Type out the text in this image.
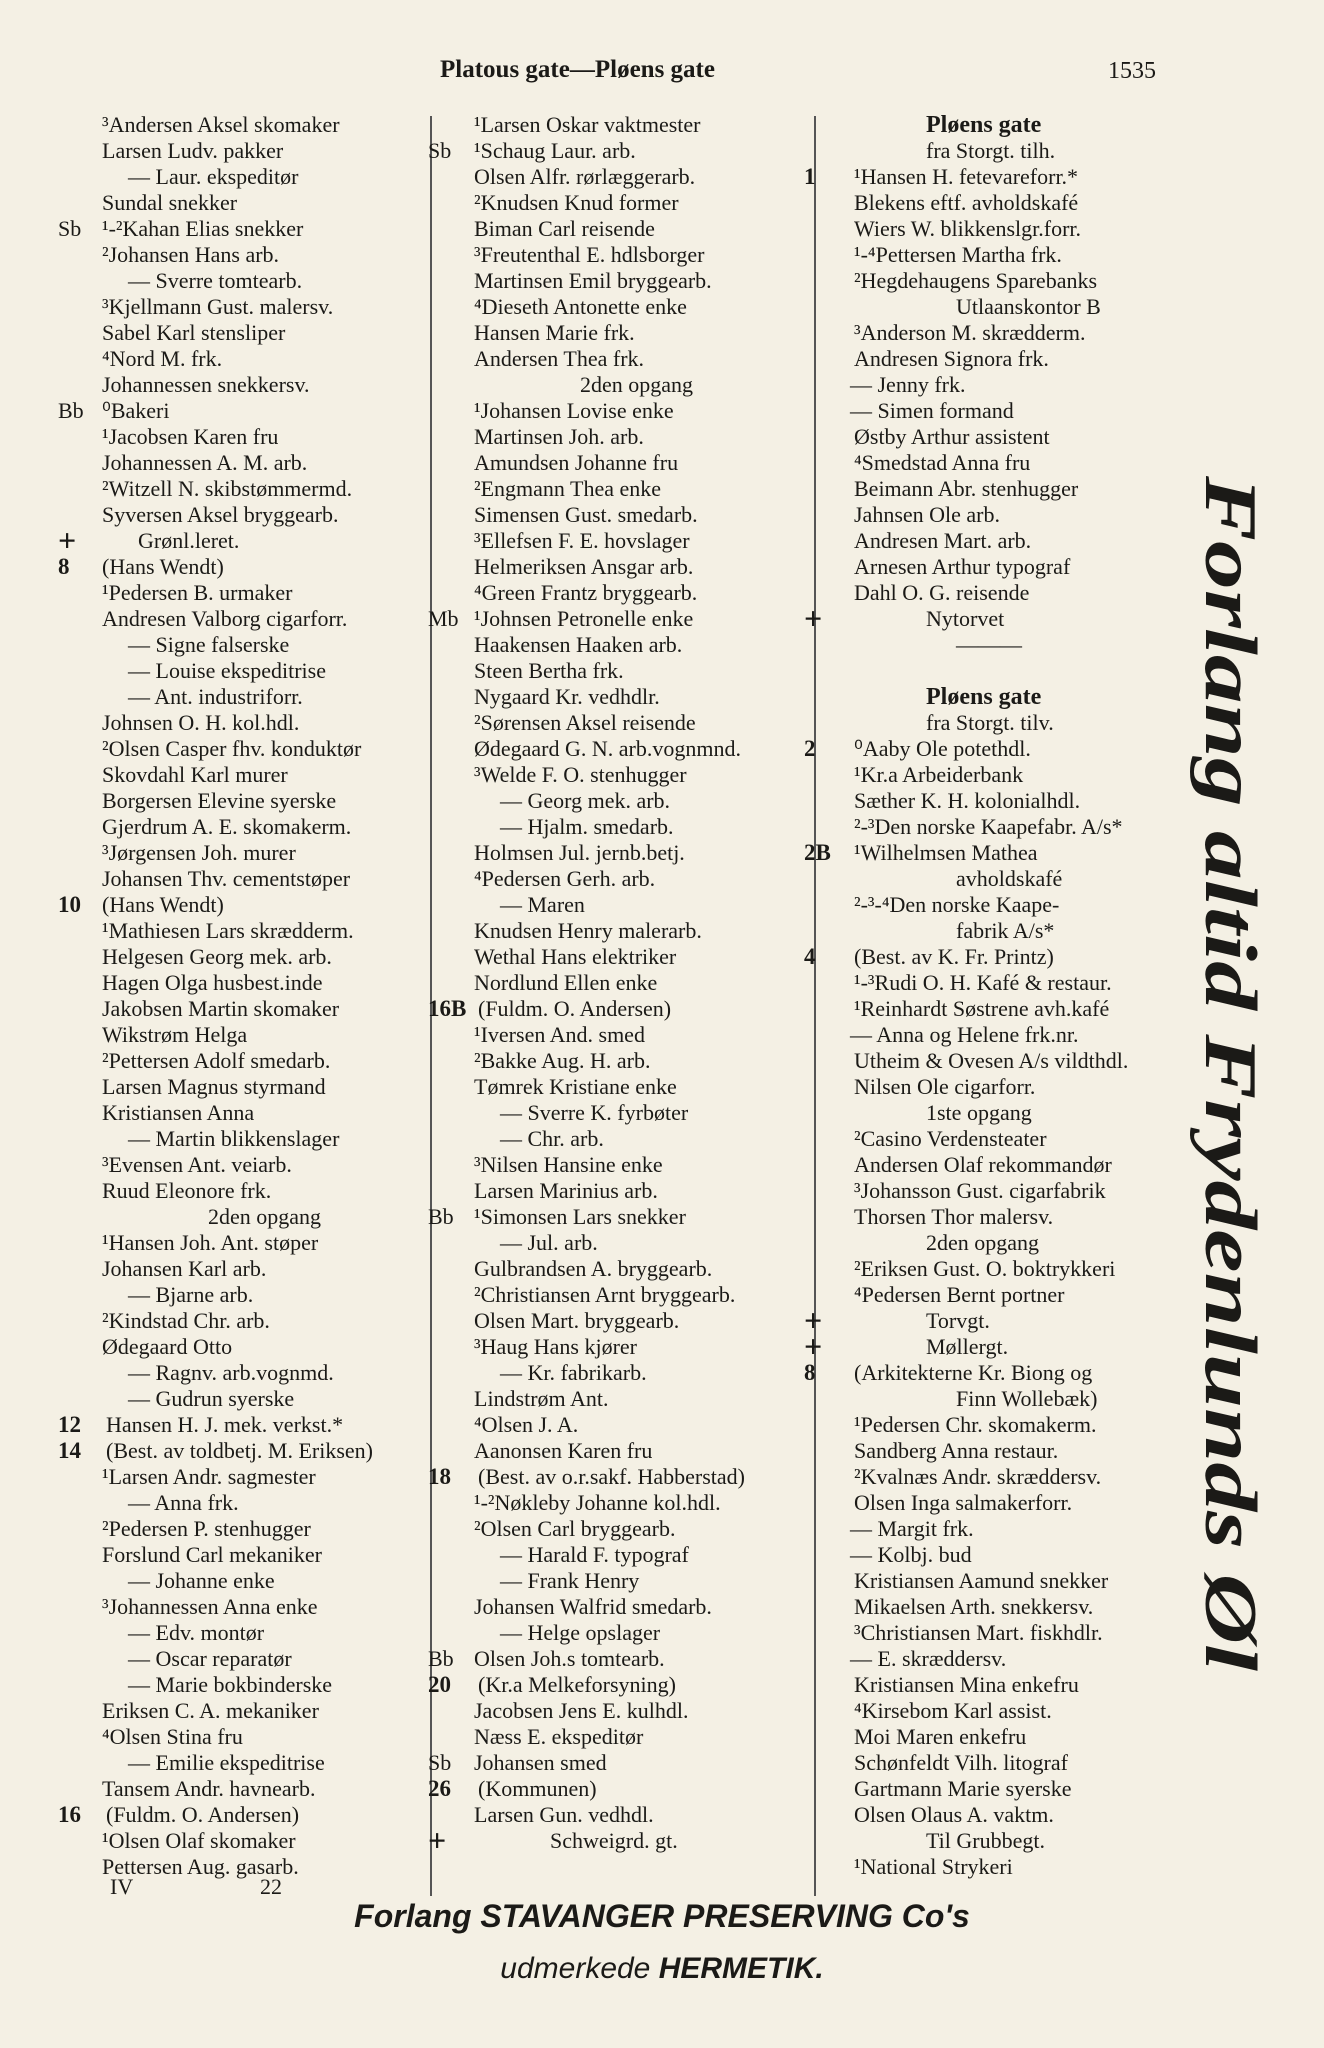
Platous gate—Pløens gate	1535
³Andersen Aksel skomaker
Larsen Ludv. pakker
— Laur. ekspeditør
Sundal snekker
Sb ¹-²Kahan Elias snekker
²Johansen Hans arb.
— Sverre tomtearb.
³Kjellmann Gust. malersv.
Sabel Karl stensliper
⁴Nord M. frk.
Johannessen snekkersv.
Bb ⁰Bakeri
¹Jacobsen Karen fru
Johannessen A. M. arb.
²Witzell N. skibstømmermd.
Syversen Aksel bryggearb.
+	Grønl.leret.
8	(Hans Wendt)
¹Pedersen B. urmaker
Andresen Valborg cigarforr.
— Signe falserske
— Louise ekspeditrise
— Ant. industriforr.
Johnsen O. H. kol.hdl.
²Olsen Casper fhv. konduktør
Skovdahl Karl murer
Borgersen Elevine syerske
Gjerdrum A. E. skomakerm.
³Jørgensen Joh. murer
Johansen Thv. cementstøper
10 (Hans Wendt)
¹Mathiesen Lars skrædderm.
Helgesen Georg mek. arb.
Hagen Olga husbest.inde
Jakobsen Martin skomaker
Wikstrøm Helga
²Pettersen Adolf smedarb.
Larsen Magnus styrmand
Kristiansen Anna
— Martin blikkenslager
³Evensen Ant. veiarb.
Ruud Eleonore frk.
2den opgang
¹Hansen Joh. Ant. støper
Johansen Karl arb.
— Bjarne arb.
²Kindstad Chr. arb.
Ødegaard Otto
— Ragnv. arb.vognmd.
— Gudrun syerske
12	Hansen H. J. mek. verkst.*
14	(Best. av toldbetj. M. Eriksen)
¹Larsen Andr. sagmester
— Anna frk.
²Pedersen P. stenhugger
Forslund Carl mekaniker
— Johanne enke
³Johannessen Anna enke
— Edv. montør
— Oscar reparatør
— Marie bokbinderske
Eriksen C. A. mekaniker
⁴Olsen Stina fru
— Emilie ekspeditrise
Tansem Andr. havnearb.
16	(Fuldm. O. Andersen)
¹Olsen Olaf skomaker
Pettersen Aug. gasarb.
¹Larsen Oskar vaktmester
Sb	¹Schaug Laur. arb.
Olsen Alfr. rørlæggerarb.
²Knudsen Knud former
Biman Carl reisende
³Freutenthal E. hdlsborger
Martinsen Emil bryggearb.
⁴Dieseth Antonette enke
Hansen Marie frk.
Andersen Thea frk.
2den opgang
¹Johansen Lovise enke
Martinsen Joh. arb.
Amundsen Johanne fru
²Engmann Thea enke
Simensen Gust. smedarb.
³Ellefsen F. E. hovslager
Helmeriksen Ansgar arb.
⁴Green Frantz bryggearb.
Mb ¹Johnsen Petronelle enke
Haakensen Haaken arb.
Steen Bertha frk.
Nygaard Kr. vedhdlr.
²Sørensen Aksel reisende
Ødegaard G. N. arb.vognmnd.
³Welde F. O. stenhugger
— Georg mek. arb.
— Hjalm. smedarb.
Holmsen Jul. jernb.betj.
⁴Pedersen Gerh. arb.
— Maren
Knudsen Henry malerarb.
Wethal Hans elektriker
Nordlund Ellen enke
16B (Fuldm. O. Andersen)
¹Iversen And. smed
²Bakke Aug. H. arb.
Tømrek Kristiane enke
— Sverre K. fyrbøter
— Chr. arb.
³Nilsen Hansine enke
Larsen Marinius arb.
Bb ¹Simonsen Lars snekker
— Jul. arb.
Gulbrandsen A. bryggearb.
²Christiansen Arnt bryggearb.
Olsen Mart. bryggearb.
³Haug Hans kjører
— Kr. fabrikarb.
Lindstrøm Ant.
⁴Olsen J. A.
Aanonsen Karen fru
18	(Best. av o.r.sakf. Habberstad)
¹-²Nøkleby Johanne kol.hdl.
²Olsen Carl bryggearb.
— Harald F. typograf
— Frank Henry
Johansen Walfrid smedarb.
— Helge opslager
Bb Olsen Joh.s tomtearb.
20	(Kr.a Melkeforsyning)
Jacobsen Jens E. kulhdl.
Næss E. ekspeditør
Sb	Johansen smed
26	(Kommunen)
Larsen Gun. vedhdl.
+	Schweigrd. gt.
Pløens gate
fra Storgt. tilh.
1	¹Hansen H. fetevareforr.*
Blekens eftf. avholdskafé
Wiers W. blikkenslgr.forr.
¹-⁴Pettersen Martha frk.
²Hegdehaugens Sparebanks
Utlaanskontor B
³Anderson M. skrædderm.
Andresen Signora frk.
— Jenny frk.
— Simen formand
Østby Arthur assistent
⁴Smedstad Anna fru
Beimann Abr. stenhugger
Jahnsen Ole arb.
Andresen Mart. arb.
Arnesen Arthur typograf
Dahl O. G. reisende
+	Nytorvet
———
Pløens gate
fra Storgt. tilv.
2	⁰Aaby Ole potethdl.
¹Kr.a Arbeiderbank
Sæther K. H. kolonialhdl.
²-³Den norske Kaapefabr. A/s*
2B	¹Wilhelmsen Mathea
avholdskafé
²-³-⁴Den norske Kaape-
fabrik A/s*
4	(Best. av K. Fr. Printz)
¹-³Rudi O. H. Kafé & restaur.
¹Reinhardt Søstrene avh.kafé
— Anna og Helene frk.nr.
Utheim & Ovesen A/s vildthdl.
Nilsen Ole cigarforr.
1ste opgang
²Casino Verdensteater
Andersen Olaf rekommandør
³Johansson Gust. cigarfabrik
Thorsen Thor malersv.
2den opgang
²Eriksen Gust. O. boktrykkeri
⁴Pedersen Bernt portner
+	Torvgt.
+	Møllergt.
8	(Arkitekterne Kr. Biong og
Finn Wollebæk)
¹Pedersen Chr. skomakerm.
Sandberg Anna restaur.
²Kvalnæs Andr. skræddersv.
Olsen Inga salmakerforr.
— Margit frk.
— Kolbj. bud
Kristiansen Aamund snekker
Mikaelsen Arth. snekkersv.
³Christiansen Mart. fiskhdlr.
— E. skræddersv.
Kristiansen Mina enkefru
⁴Kirsebom Karl assist.
Moi Maren enkefru
Schønfeldt Vilh. litograf
Gartmann Marie syerske
Olsen Olaus A. vaktm.
Til Grubbegt.
¹National Strykeri
Forlang altid Frydenlunds Øl
IV	22
Forlang STAVANGER PRESERVING Co's
udmerkede HERMETIK.
